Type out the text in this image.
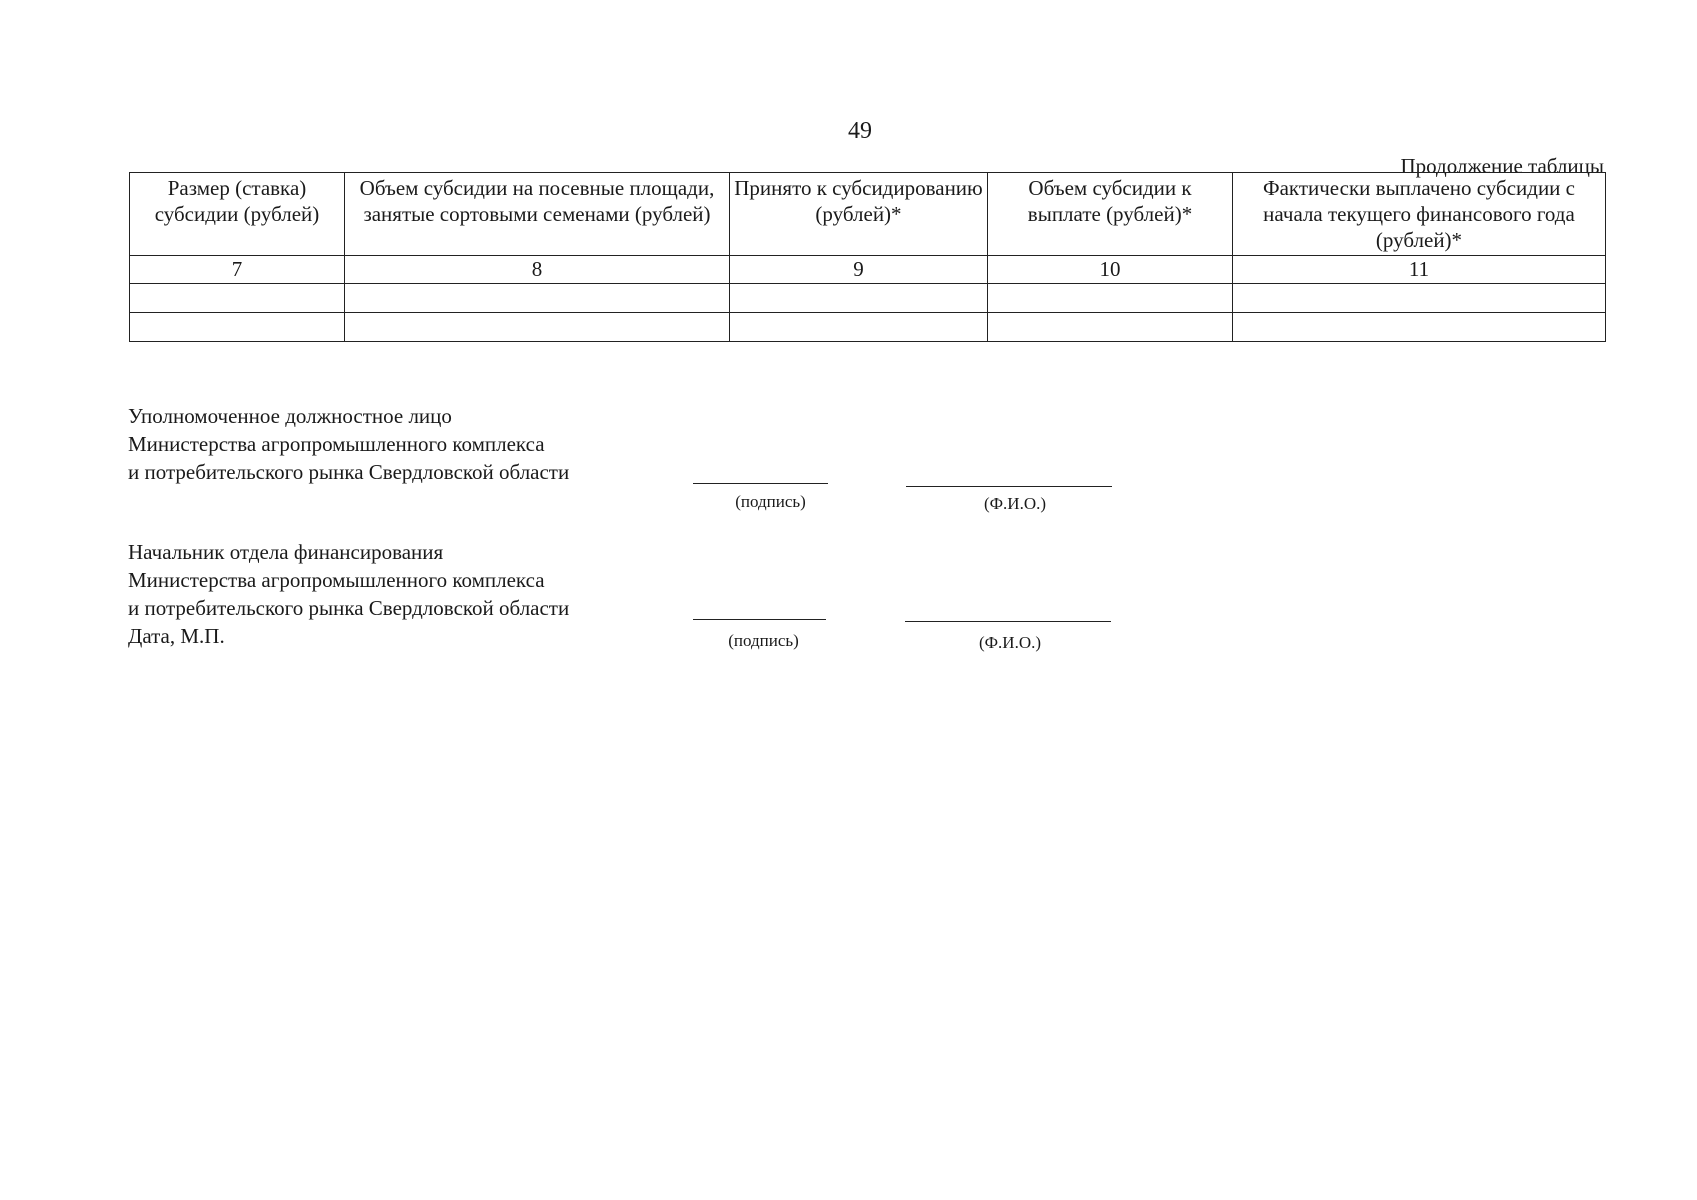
49
Продолжение таблицы
Размер (ставка) субсидии (рублей)	Объем субсидии на посевные площади, занятые сортовыми семенами (рублей)	Принято к субсидированию (рублей)*	Объем субсидии к выплате (рублей)*	Фактически выплачено субсидии с начала текущего финансового года (рублей)*
7	8	9	10	11

Уполномоченное должностное лицо
Министерства агропромышленного комплекса
и потребительского рынка Свердловской области
(подпись)	(Ф.И.О.)
Начальник отдела финансирования
Министерства агропромышленного комплекса
и потребительского рынка Свердловской области
Дата, М.П.	(подпись)	(Ф.И.О.)
